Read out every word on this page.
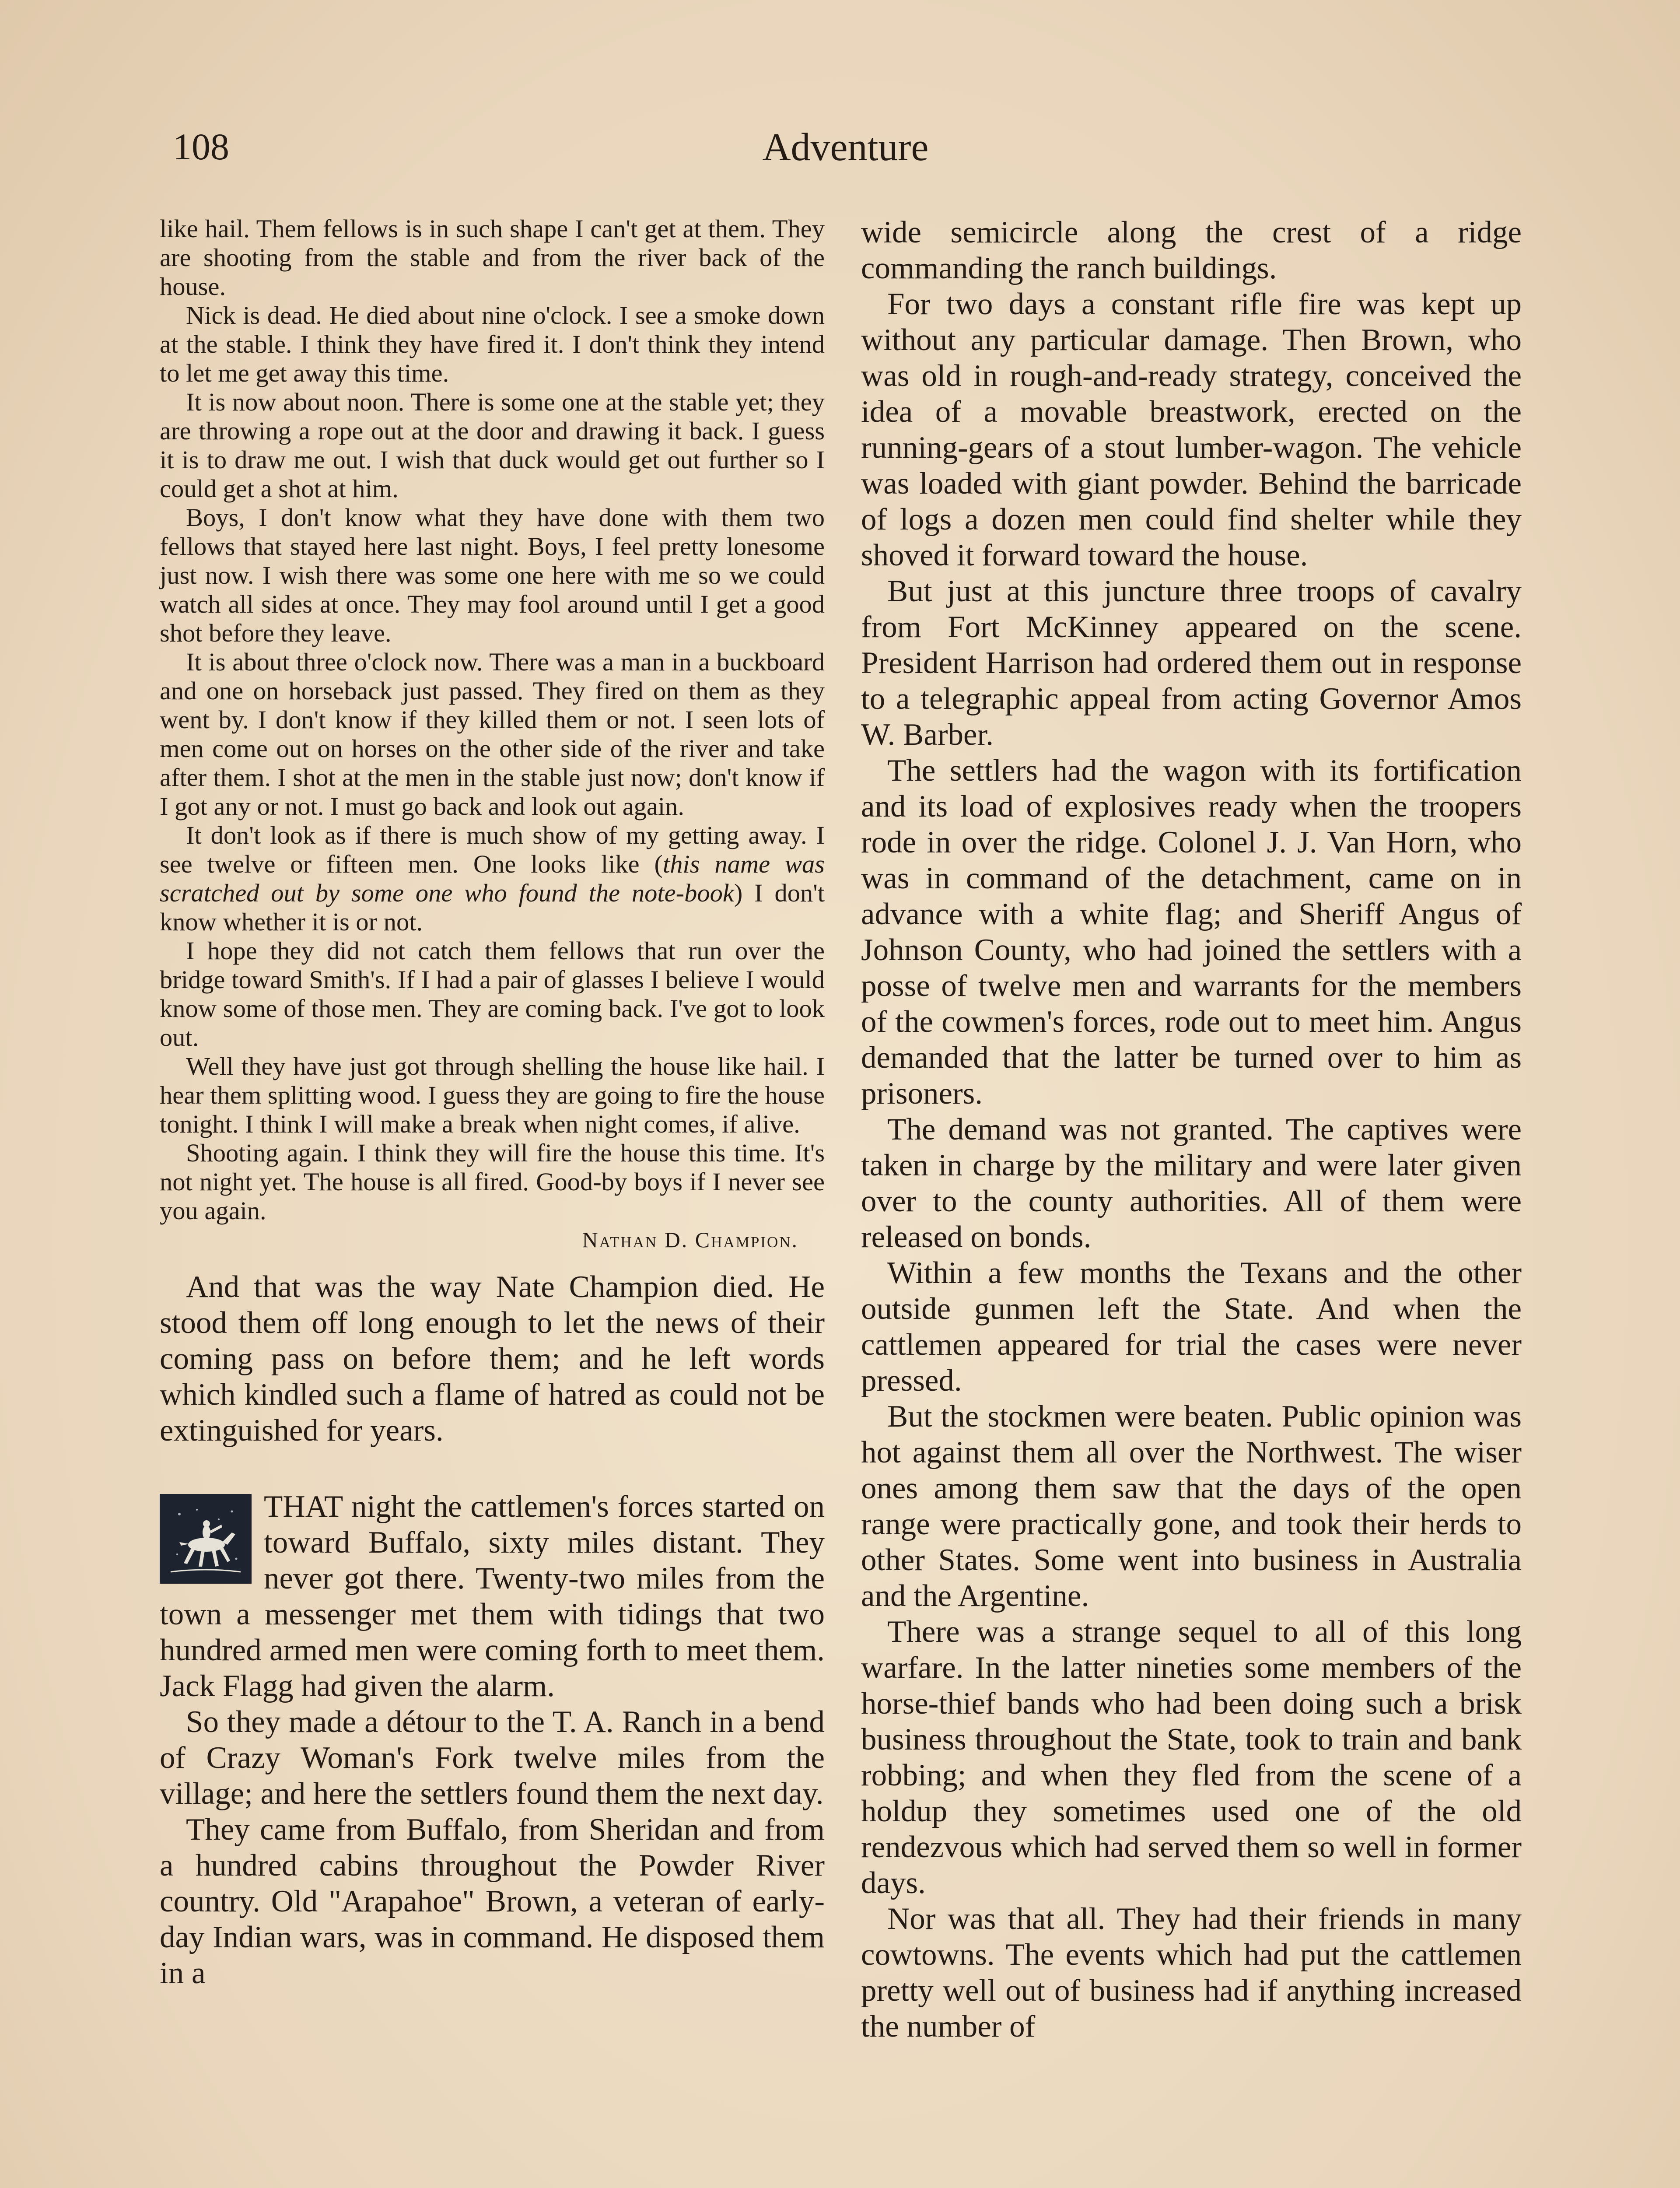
108	Adventure

like hail. Them fellows is in such shape I can't get at them. They are shooting from the stable and from the river back of the house.

Nick is dead. He died about nine o'clock. I see a smoke down at the stable. I think they have fired it. I don't think they intend to let me get away this time.

It is now about noon. There is some one at the stable yet; they are throwing a rope out at the door and drawing it back. I guess it is to draw me out. I wish that duck would get out further so I could get a shot at him.

Boys, I don't know what they have done with them two fellows that stayed here last night. Boys, I feel pretty lonesome just now. I wish there was some one here with me so we could watch all sides at once. They may fool around until I get a good shot before they leave.

It is about three o'clock now. There was a man in a buckboard and one on horseback just passed. They fired on them as they went by. I don't know if they killed them or not. I seen lots of men come out on horses on the other side of the river and take after them. I shot at the men in the stable just now; don't know if I got any or not. I must go back and look out again.

It don't look as if there is much show of my getting away. I see twelve or fifteen men. One looks like (this name was scratched out by some one who found the note-book) I don't know whether it is or not.

I hope they did not catch them fellows that run over the bridge toward Smith's. If I had a pair of glasses I believe I would know some of those men. They are coming back. I've got to look out.

Well they have just got through shelling the house like hail. I hear them splitting wood. I guess they are going to fire the house tonight. I think I will make a break when night comes, if alive.

Shooting again. I think they will fire the house this time. It's not night yet. The house is all fired. Good-by boys if I never see you again.

Nathan D. Champion.

And that was the way Nate Champion died. He stood them off long enough to let the news of their coming pass on before them; and he left words which kindled such a flame of hatred as could not be extinguished for years.

THAT night the cattlemen's forces started on toward Buffalo, sixty miles distant. They never got there. Twenty-two miles from the town a messenger met them with tidings that two hundred armed men were coming forth to meet them. Jack Flagg had given the alarm.

So they made a détour to the T. A. Ranch in a bend of Crazy Woman's Fork twelve miles from the village; and here the settlers found them the next day.

They came from Buffalo, from Sheridan and from a hundred cabins throughout the Powder River country. Old "Arapahoe" Brown, a veteran of early-day Indian wars, was in command. He disposed them in a

wide semicircle along the crest of a ridge commanding the ranch buildings.

For two days a constant rifle fire was kept up without any particular damage. Then Brown, who was old in rough-and-ready strategy, conceived the idea of a movable breastwork, erected on the running-gears of a stout lumber-wagon. The vehicle was loaded with giant powder. Behind the barricade of logs a dozen men could find shelter while they shoved it forward toward the house.

But just at this juncture three troops of cavalry from Fort McKinney appeared on the scene. President Harrison had ordered them out in response to a telegraphic appeal from acting Governor Amos W. Barber.

The settlers had the wagon with its fortification and its load of explosives ready when the troopers rode in over the ridge. Colonel J. J. Van Horn, who was in command of the detachment, came on in advance with a white flag; and Sheriff Angus of Johnson County, who had joined the settlers with a posse of twelve men and warrants for the members of the cowmen's forces, rode out to meet him. Angus demanded that the latter be turned over to him as prisoners.

The demand was not granted. The captives were taken in charge by the military and were later given over to the county authorities. All of them were released on bonds.

Within a few months the Texans and the other outside gunmen left the State. And when the cattlemen appeared for trial the cases were never pressed.

But the stockmen were beaten. Public opinion was hot against them all over the Northwest. The wiser ones among them saw that the days of the open range were practically gone, and took their herds to other States. Some went into business in Australia and the Argentine.

There was a strange sequel to all of this long warfare. In the latter nineties some members of the horse-thief bands who had been doing such a brisk business throughout the State, took to train and bank robbing; and when they fled from the scene of a holdup they sometimes used one of the old rendezvous which had served them so well in former days.

Nor was that all. They had their friends in many cowtowns. The events which had put the cattlemen pretty well out of business had if anything increased the number of
